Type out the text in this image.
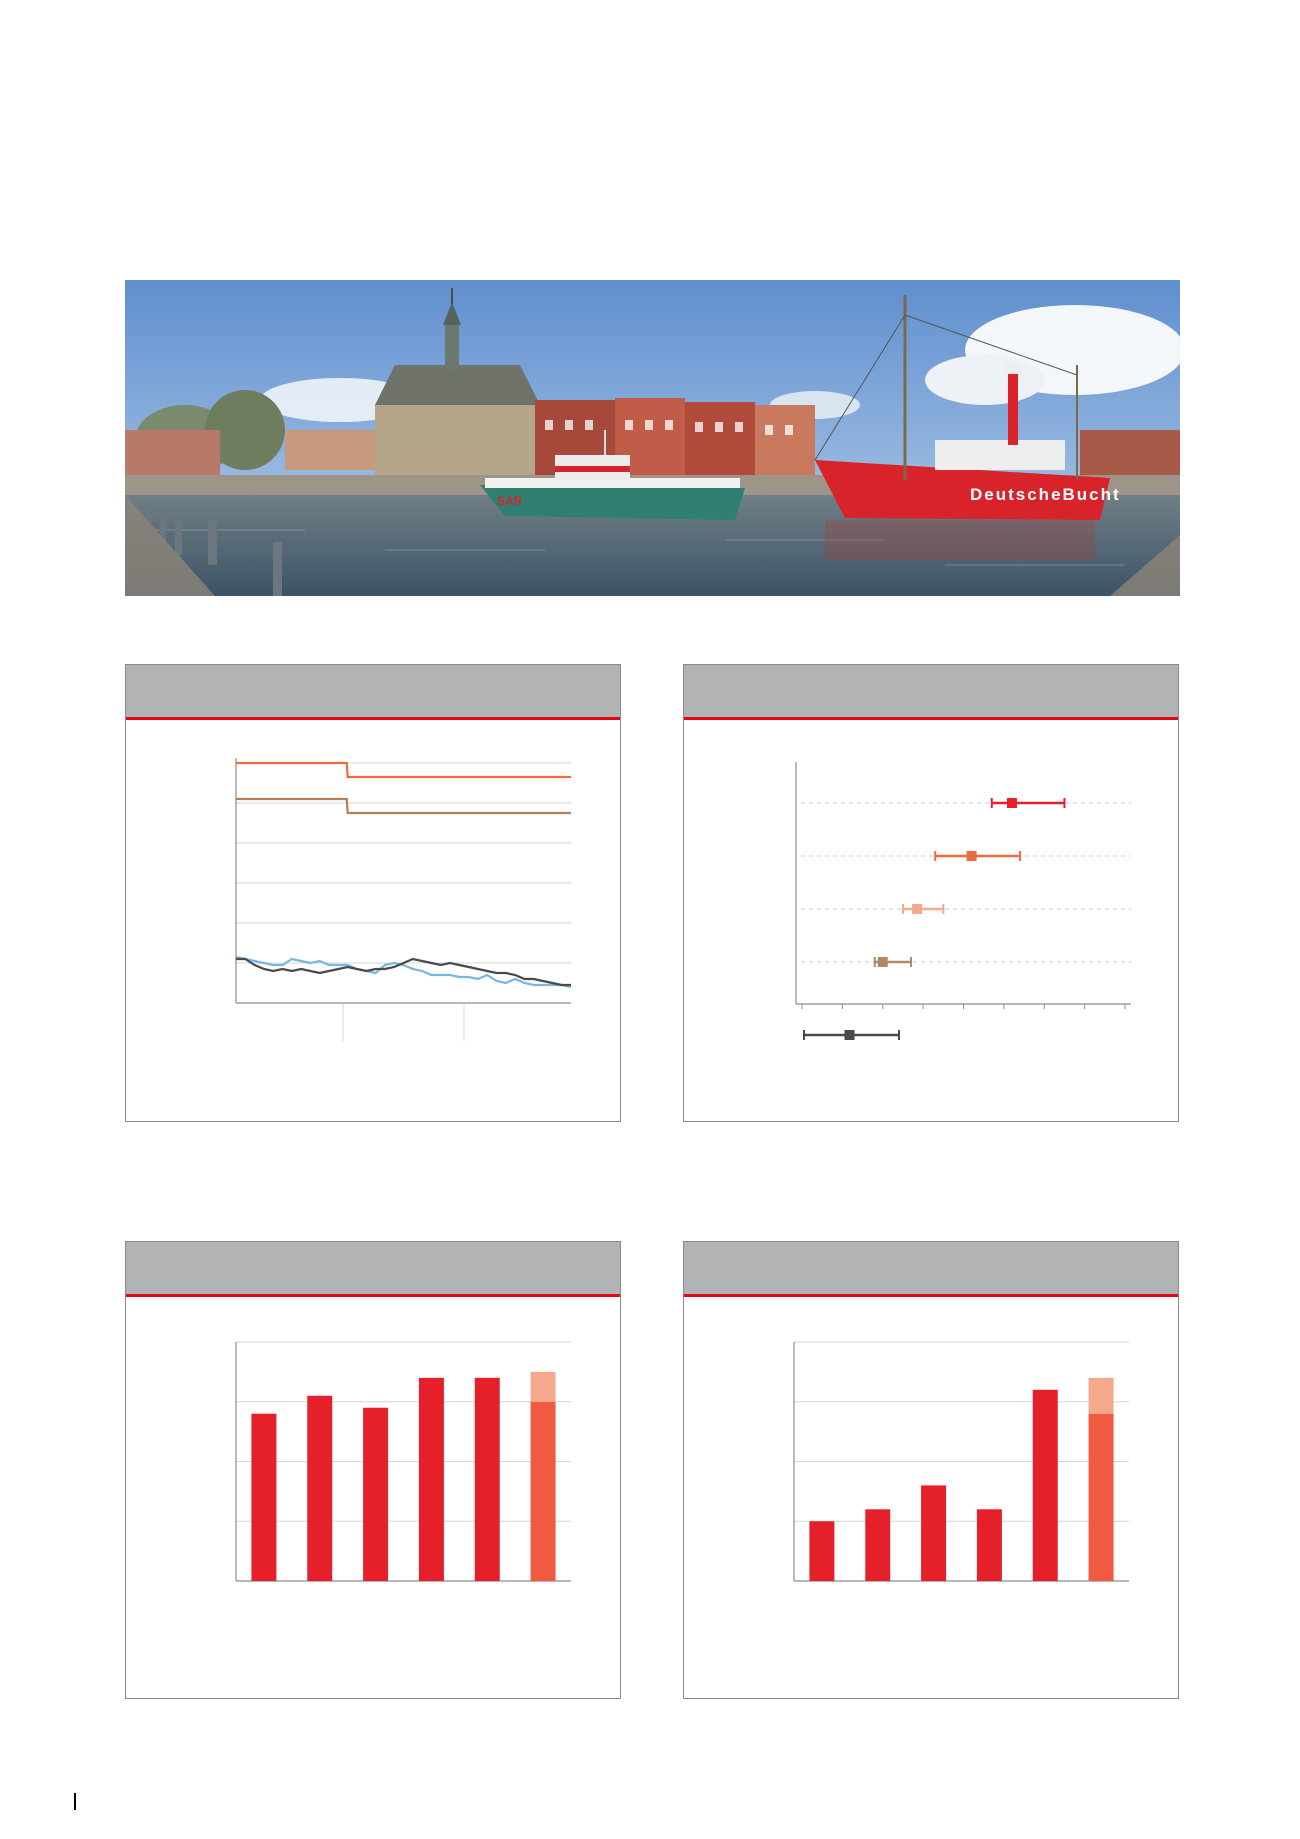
SAR	DeutscheBucht
